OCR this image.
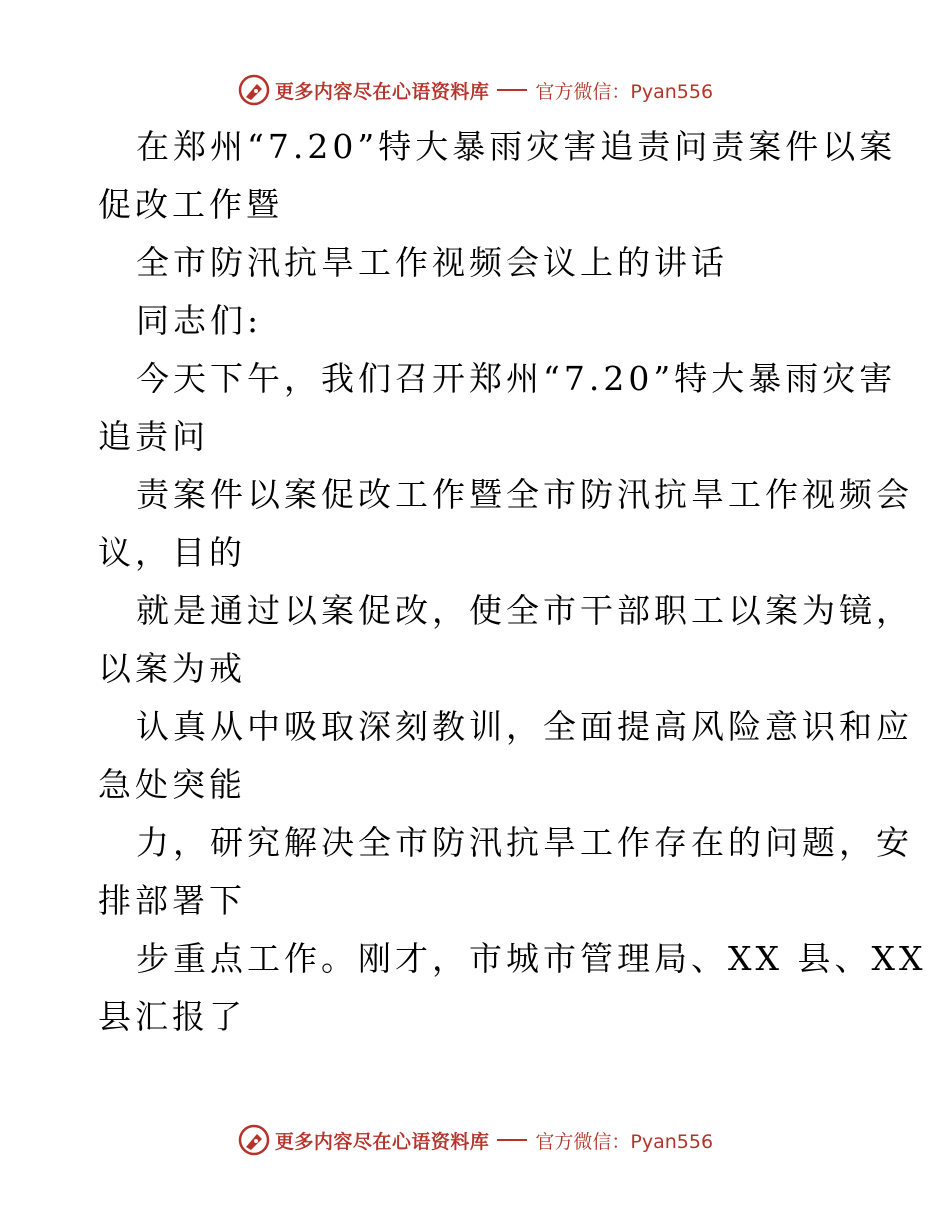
更多内容尽在心语资料库 官方微信：Pyan556
在郑州“7.20”特大暴雨灾害追责问责案件以案
促改工作暨
全市防汛抗旱工作视频会议上的讲话
同志们:
今天下午，我们召开郑州“7.20”特大暴雨灾害
追责问
责案件以案促改工作暨全市防汛抗旱工作视频会
议，目的
就是通过以案促改，使全市干部职工以案为镜，
以案为戒
认真从中吸取深刻教训，全面提高风险意识和应
急处突能
力，研究解决全市防汛抗旱工作存在的问题，安
排部署下
步重点工作。刚才，市城市管理局、XX 县、XX
县汇报了
更多内容尽在心语资料库 官方微信：Pyan556
